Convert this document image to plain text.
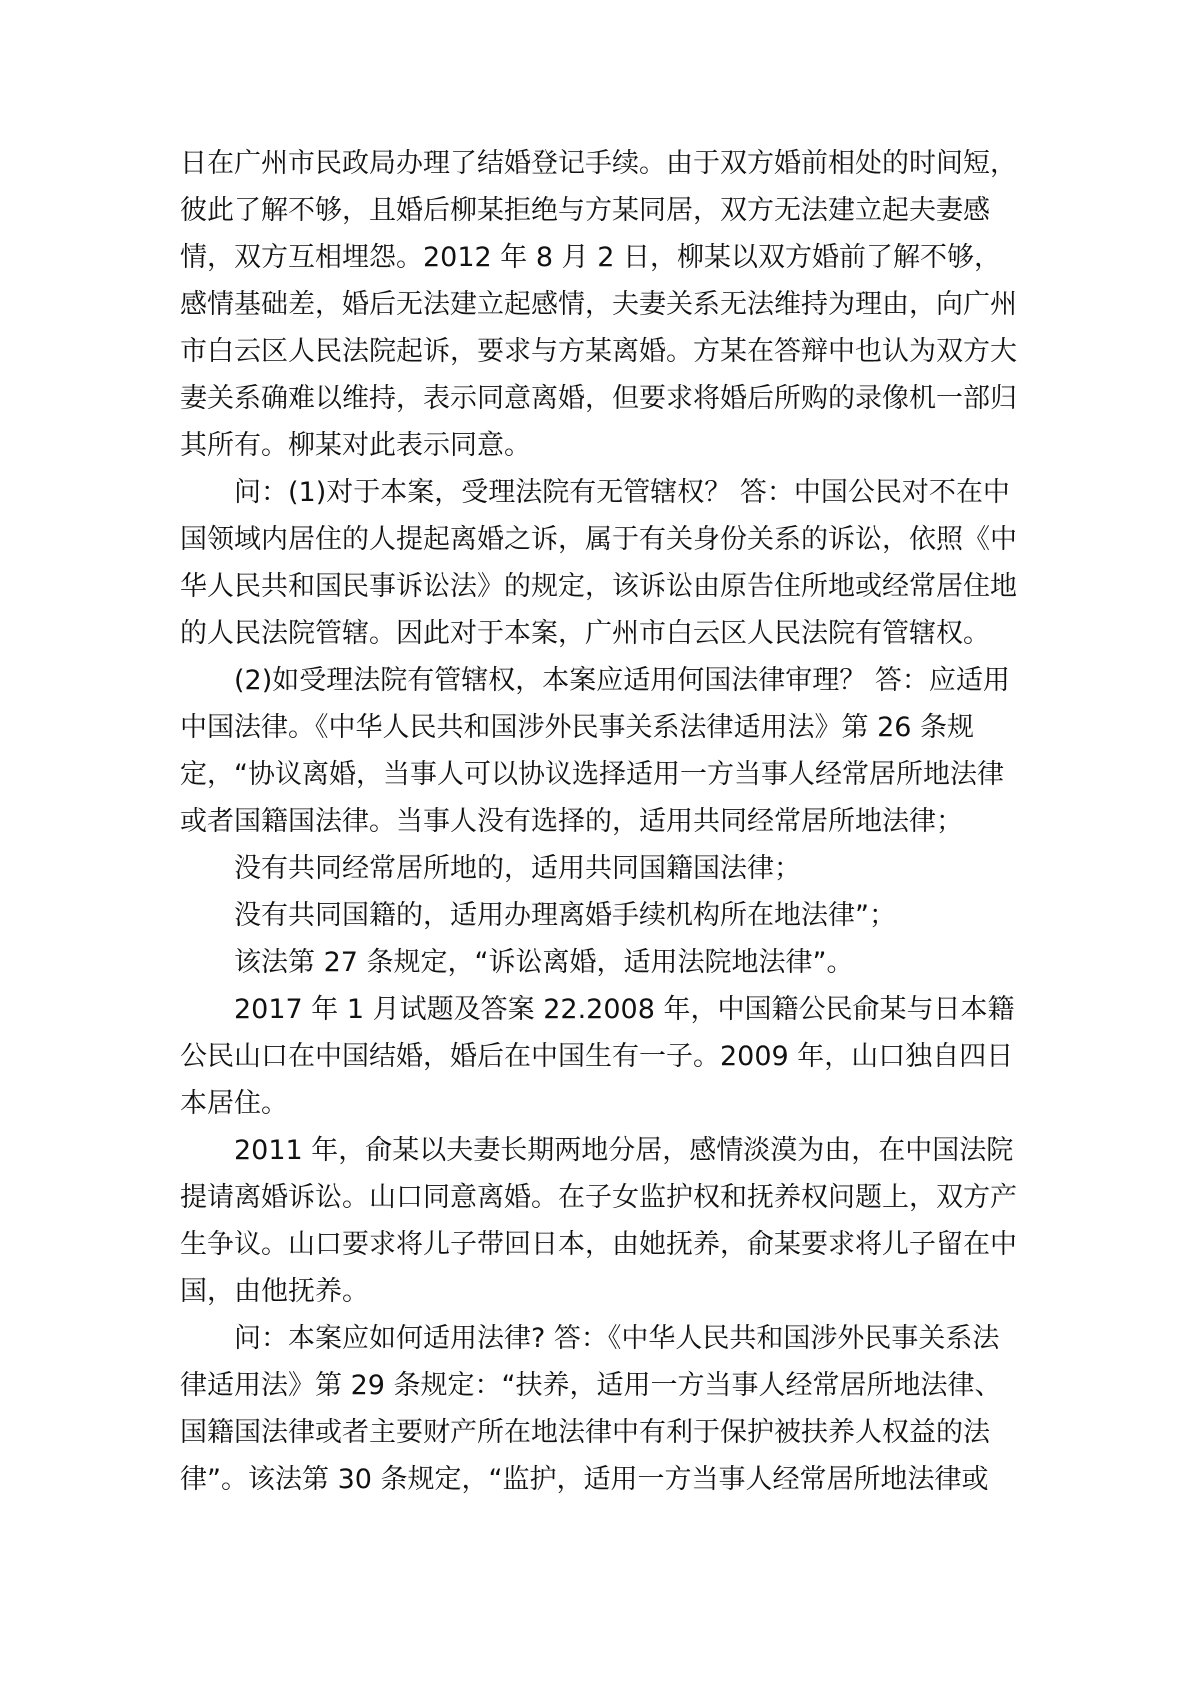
日在广州市民政局办理了结婚登记手续。由于双方婚前相处的时间短，彼此了解不够，且婚后柳某拒绝与方某同居，双方无法建立起夫妻感情，双方互相埋怨。2012 年 8 月 2 日，柳某以双方婚前了解不够，感情基础差，婚后无法建立起感情，夫妻关系无法维持为理由，向广州市白云区人民法院起诉，要求与方某离婚。方某在答辩中也认为双方大妻关系确难以维持，表示同意离婚，但要求将婚后所购的录像机一部归其所有。柳某对此表示同意。

问：(1)对于本案，受理法院有无管辖权？ 答：中国公民对不在中国领域内居住的人提起离婚之诉，属于有关身份关系的诉讼，依照《中华人民共和国民事诉讼法》的规定，该诉讼由原告住所地或经常居住地的人民法院管辖。因此对于本案，广州市白云区人民法院有管辖权。

(2)如受理法院有管辖权，本案应适用何国法律审理？ 答：应适用中国法律。《中华人民共和国涉外民事关系法律适用法》第 26 条规定，“协议离婚，当事人可以协议选择适用一方当事人经常居所地法律或者国籍国法律。当事人没有选择的，适用共同经常居所地法律；

没有共同经常居所地的，适用共同国籍国法律；

没有共同国籍的，适用办理离婚手续机构所在地法律”；

该法第 27 条规定，“诉讼离婚，适用法院地法律”。

2017 年 1 月试题及答案 22.2008 年，中国籍公民俞某与日本籍公民山口在中国结婚，婚后在中国生有一子。2009 年，山口独自四日本居住。

2011 年，俞某以夫妻长期两地分居，感情淡漠为由，在中国法院提请离婚诉讼。山口同意离婚。在子女监护权和抚养权问题上，双方产生争议。山口要求将儿子带回日本，由她抚养，俞某要求将儿子留在中国，由他抚养。

问：本案应如何适用法律? 答：《中华人民共和国涉外民事关系法律适用法》第 29 条规定：“扶养，适用一方当事人经常居所地法律、国籍国法律或者主要财产所在地法律中有利于保护被扶养人权益的法律”。该法第 30 条规定，“监护，适用一方当事人经常居所地法律或
